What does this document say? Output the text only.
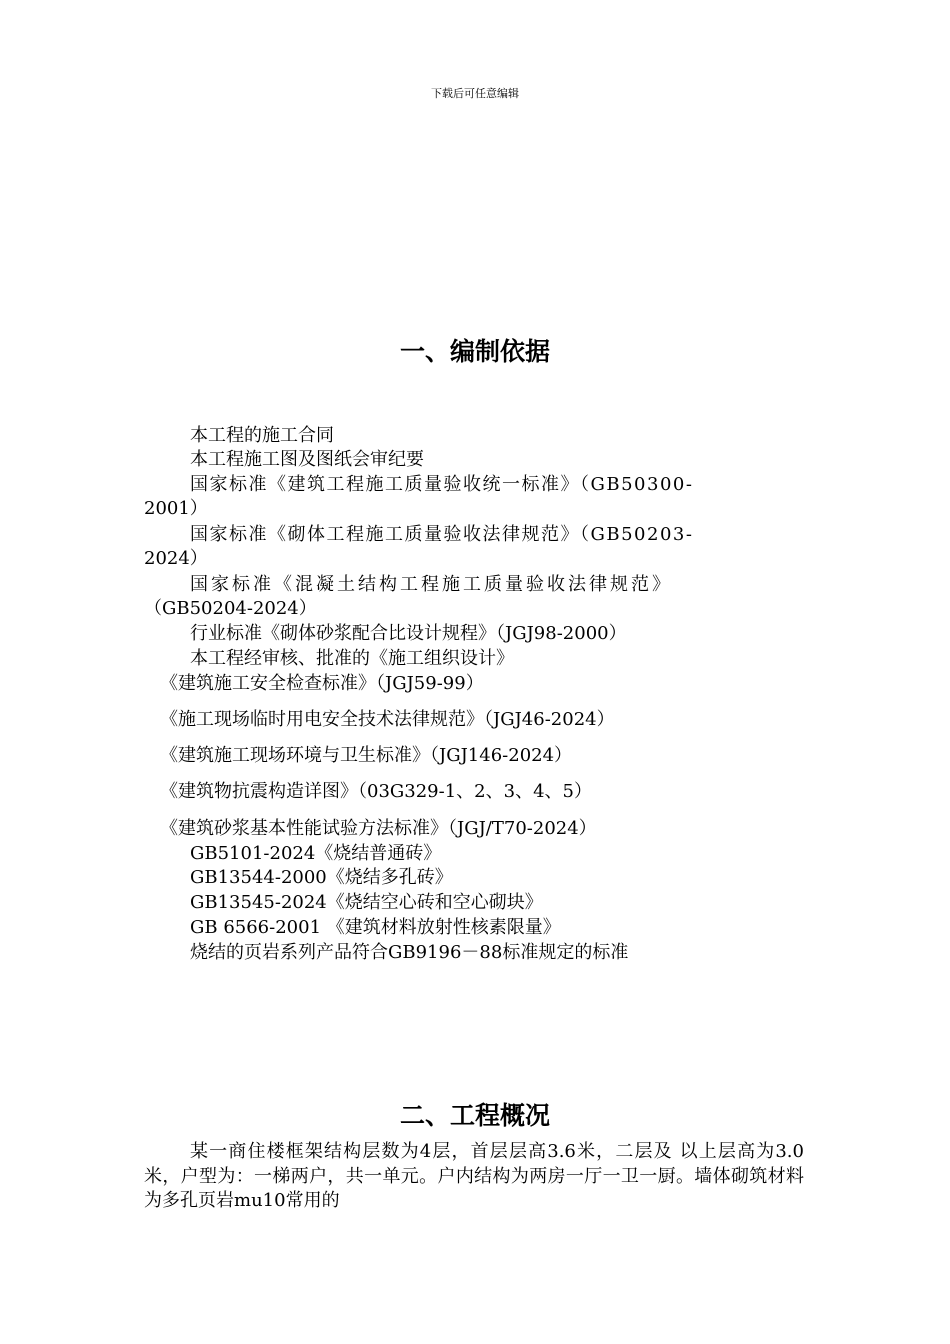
下载后可任意编辑
一、编制依据
本工程的施工合同
本工程施工图及图纸会审纪要
国家标准《建筑工程施工质量验收统一标准》（GB50300-
2001）
国家标准《砌体工程施工质量验收法律规范》（GB50203-
2024）
国家标准《混凝土结构工程施工质量验收法律规范》
（GB50204-2024）
行业标准《砌体砂浆配合比设计规程》（JGJ98-2000）
本工程经审核、批准的《施工组织设计》
《建筑施工安全检查标准》（JGJ59-99）
《施工现场临时用电安全技术法律规范》（JGJ46-2024）
《建筑施工现场环境与卫生标准》（JGJ146-2024）
《建筑物抗震构造详图》（03G329-1、2、3、4、5）
《建筑砂浆基本性能试验方法标准》（JGJ/T70-2024）
GB5101-2024《烧结普通砖》
GB13544-2000《烧结多孔砖》
GB13545-2024《烧结空心砖和空心砌块》
GB 6566-2001 《建筑材料放射性核素限量》
烧结的页岩系列产品符合GB9196－88标准规定的标准
二、工程概况
某一商住楼框架结构层数为4层，首层层高3.6米，二层及 以上层高为3.0米，户型为：一梯两户，共一单元。户内结构为两房一厅一卫一厨。墙体砌筑材料为多孔页岩mu10常用的
